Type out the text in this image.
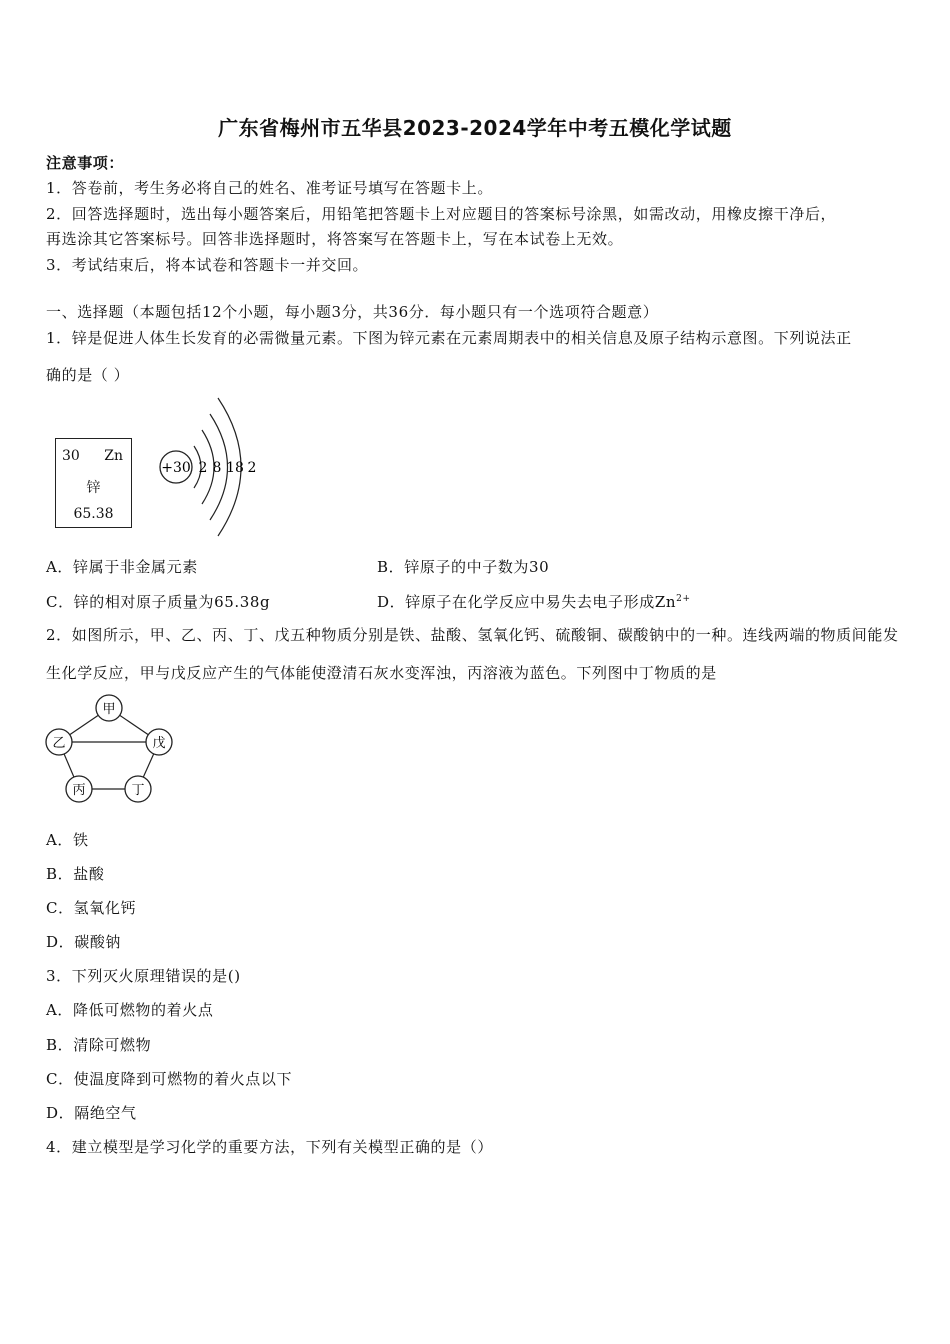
广东省梅州市五华县2023-2024学年中考五模化学试题
注意事项：
1．答卷前，考生务必将自己的姓名、准考证号填写在答题卡上。
2．回答选择题时，选出每小题答案后，用铅笔把答题卡上对应题目的答案标号涂黑，如需改动，用橡皮擦干净后，
再选涂其它答案标号。回答非选择题时，将答案写在答题卡上，写在本试卷上无效。
3．考试结束后，将本试卷和答题卡一并交回。
一、选择题（本题包括12个小题，每小题3分，共36分．每小题只有一个选项符合题意）
1．锌是促进人体生长发育的必需微量元素。下图为锌元素在元素周期表中的相关信息及原子结构示意图。下列说法正
确的是（ ）
30 Zn
锌
65.38
+30 2 8 18 2
A．锌属于非金属元素	B．锌原子的中子数为30
C．锌的相对原子质量为65.38g	D．锌原子在化学反应中易失去电子形成$Zn^{2+}$
2．如图所示，甲、乙、丙、丁、戊五种物质分别是铁、盐酸、氢氧化钙、硫酸铜、碳酸钠中的一种。连线两端的物质间能发
生化学反应，甲与戊反应产生的气体能使澄清石灰水变浑浊，丙溶液为蓝色。下列图中丁物质的是
甲
乙	戊
丙	丁
A．铁
B．盐酸
C．氢氧化钙
D．碳酸钠
3．下列灭火原理错误的是()
A．降低可燃物的着火点
B．清除可燃物
C．使温度降到可燃物的着火点以下
D．隔绝空气
4．建立模型是学习化学的重要方法，下列有关模型正确的是（）
